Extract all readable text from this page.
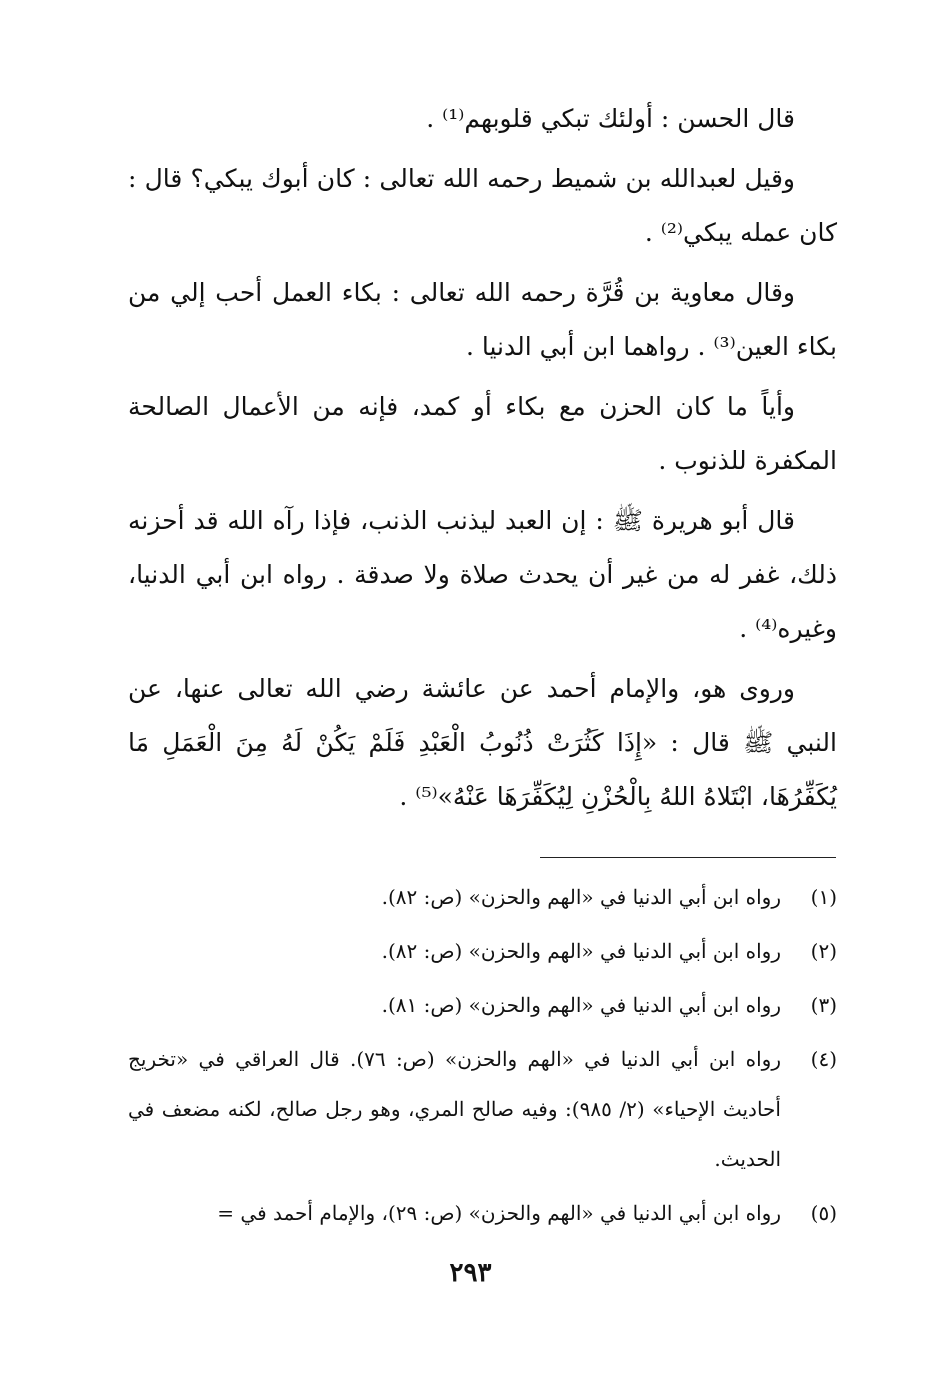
قال الحسن : أولئك تبكي قلوبهم⁽¹⁾ .

وقيل لعبدالله بن شميط رحمه الله تعالى : كان أبوك يبكي؟ قال : كان عمله يبكي⁽²⁾ .

وقال معاوية بن قُرَّة رحمه الله تعالى : بكاء العمل أحب إلي من بكاء العين⁽³⁾ . رواهما ابن أبي الدنيا .

وأياً ما كان الحزن مع بكاء أو كمد، فإنه من الأعمال الصالحة المكفرة للذنوب .

قال أبو هريرة ﷺ : إن العبد ليذنب الذنب، فإذا رآه الله قد أحزنه ذلك، غفر له من غير أن يحدث صلاة ولا صدقة . رواه ابن أبي الدنيا، وغيره⁽⁴⁾ .

وروى هو، والإمام أحمد عن عائشة رضي الله تعالى عنها، عن النبي ﷺ قال : «إِذَا كَثُرَتْ ذُنُوبُ الْعَبْدِ فَلَمْ يَكُنْ لَهُ مِنَ الْعَمَلِ مَا يُكَفِّرُهَا، ابْتَلاهُ اللهُ بِالْحُزْنِ لِيُكَفِّرَهَا عَنْهُ»⁽⁵⁾ .

(١)
رواه ابن أبي الدنيا في «الهم والحزن» (ص: ٨٢).
(٢)
رواه ابن أبي الدنيا في «الهم والحزن» (ص: ٨٢).
(٣)
رواه ابن أبي الدنيا في «الهم والحزن» (ص: ٨١).
(٤)
رواه ابن أبي الدنيا في «الهم والحزن» (ص: ٧٦). قال العراقي في «تخريج أحاديث الإحياء» (٢/ ٩٨٥): وفيه صالح المري، وهو رجل صالح، لكنه مضعف في الحديث.
(٥)
رواه ابن أبي الدنيا في «الهم والحزن» (ص: ٢٩)، والإمام أحمد في =
٢٩٣
